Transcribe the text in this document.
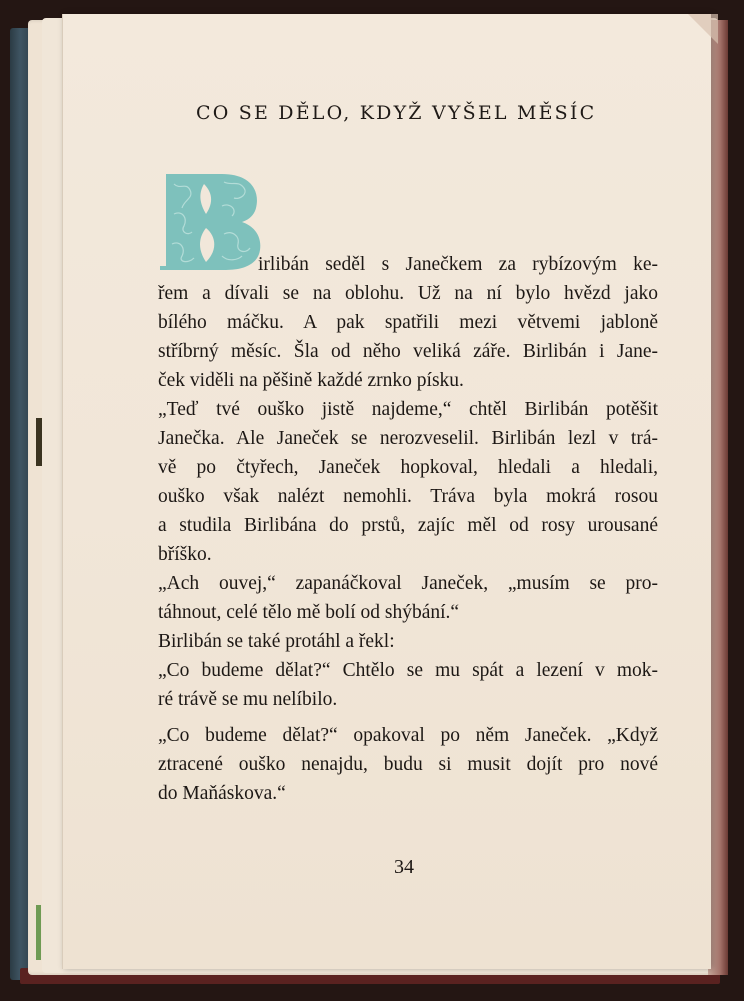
CO SE DĚLO, KDYŽ VYŠEL MĚSÍC
irlibán seděl s Janečkem za rybízovým ke-
řem a dívali se na oblohu. Už na ní bylo hvězd jako
bílého máčku. A pak spatřili mezi větvemi jabloně
stříbrný měsíc. Šla od něho veliká záře. Birlibán i Jane-
ček viděli na pěšině každé zrnko písku.
„Teď tvé ouško jistě najdeme,“ chtěl Birlibán potěšit
Janečka. Ale Janeček se nerozveselil. Birlibán lezl v trá-
vě po čtyřech, Janeček hopkoval, hledali a hledali,
ouško však nalézt nemohli. Tráva byla mokrá rosou
a studila Birlibána do prstů, zajíc měl od rosy urousané
bříško.
„Ach ouvej,“ zapanáčkoval Janeček, „musím se pro-
táhnout, celé tělo mě bolí od shýbání.“
Birlibán se také protáhl a řekl:
„Co budeme dělat?“ Chtělo se mu spát a lezení v mok-
ré trávě se mu nelíbilo.
„Co budeme dělat?“ opakoval po něm Janeček. „Když
ztracené ouško nenajdu, budu si musit dojít pro nové
do Maňáskova.“
34
